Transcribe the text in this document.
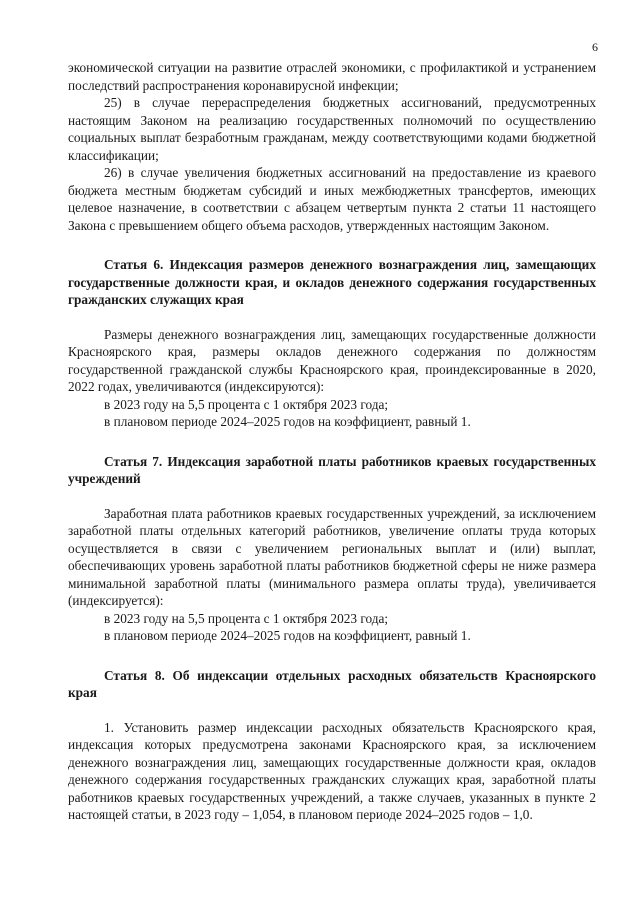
6

экономической ситуации на развитие отраслей экономики, с профилактикой и устранением последствий распространения коронавирусной инфекции;

25) в случае перераспределения бюджетных ассигнований, предусмотренных настоящим Законом на реализацию государственных полномочий по осуществлению социальных выплат безработным гражданам, между соответствующими кодами бюджетной классификации;

26) в случае увеличения бюджетных ассигнований на предоставление из краевого бюджета местным бюджетам субсидий и иных межбюджетных трансфертов, имеющих целевое назначение, в соответствии с абзацем четвертым пункта 2 статьи 11 настоящего Закона с превышением общего объема расходов, утвержденных настоящим Законом.

Статья 6. Индексация размеров денежного вознаграждения лиц, замещающих государственные должности края, и окладов денежного содержания государственных гражданских служащих края

Размеры денежного вознаграждения лиц, замещающих государственные должности Красноярского края, размеры окладов денежного содержания по должностям государственной гражданской службы Красноярского края, проиндексированные в 2020, 2022 годах, увеличиваются (индексируются):

в 2023 году на 5,5 процента с 1 октября 2023 года;

в плановом периоде 2024–2025 годов на коэффициент, равный 1.

Статья 7. Индексация заработной платы работников краевых государственных учреждений

Заработная плата работников краевых государственных учреждений, за исключением заработной платы отдельных категорий работников, увеличение оплаты труда которых осуществляется в связи с увеличением региональных выплат и (или) выплат, обеспечивающих уровень заработной платы работников бюджетной сферы не ниже размера минимальной заработной платы (минимального размера оплаты труда), увеличивается (индексируется):

в 2023 году на 5,5 процента с 1 октября 2023 года;

в плановом периоде 2024–2025 годов на коэффициент, равный 1.

Статья 8. Об индексации отдельных расходных обязательств Красноярского края

1. Установить размер индексации расходных обязательств Красноярского края, индексация которых предусмотрена законами Красноярского края, за исключением денежного вознаграждения лиц, замещающих государственные должности края, окладов денежного содержания государственных гражданских служащих края, заработной платы работников краевых государственных учреждений, а также случаев, указанных в пункте 2 настоящей статьи, в 2023 году – 1,054, в плановом периоде 2024–2025 годов – 1,0.
